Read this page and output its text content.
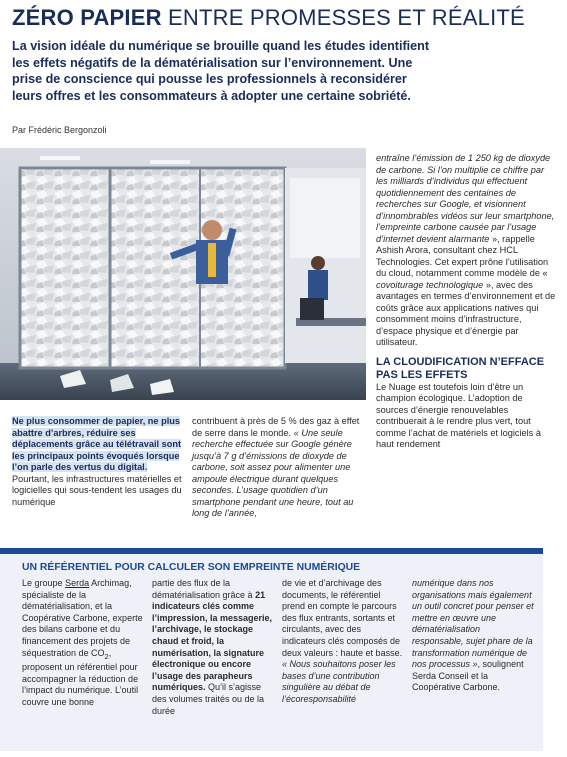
ZÉRO PAPIER ENTRE PROMESSES ET RÉALITÉ

La vision idéale du numérique se brouille quand les études identifient les effets négatifs de la dématérialisation sur l’environnement. Une prise de conscience qui pousse les professionnels à reconsidérer leurs offres et les consommateurs à adopter une certaine sobriété.

Par Frédéric Bergonzoli

entraîne l’émission de 1 250 kg de dioxyde de carbone. Si l’on multiplie ce chiffre par les milliards d’individus qui effectuent quotidiennement des centaines de recherches sur Google, et visionnent d’innombrables vidéos sur leur smartphone, l’empreinte carbone causée par l’usage d’internet devient alarmante », rappelle Ashish Arora, consultant chez HCL Technologies. Cet expert prône l’utilisation du cloud, notamment comme modèle de « covoiturage technologique », avec des avantages en termes d’environnement et de coûts grâce aux applications natives qui consomment moins d’infrastructure, d’espace physique et d’énergie par utilisateur.

LA CLOUDIFICATION N’EFFACE PAS LES EFFETS

Le Nuage est toutefois loin d’être un champion écologique. L’adoption de sources d’énergie renouvelables contribuerait à le rendre plus vert, tout comme l’achat de matériels et logiciels à haut rendement

Ne plus consommer de papier, ne plus abattre d’arbres, réduire ses déplacements grâce au télétravail sont les principaux points évoqués lorsque l’on parle des vertus du digital. Pourtant, les infrastructures matérielles et logicielles qui sous-tendent les usages du numérique

contribuent à près de 5 % des gaz à effet de serre dans le monde. « Une seule recherche effectuée sur Google génère jusqu’à 7 g d’émissions de dioxyde de carbone, soit assez pour alimenter une ampoule électrique durant quelques secondes. L’usage quotidien d’un smartphone pendant une heure, tout au long de l’année,

UN RÉFÉRENTIEL POUR CALCULER SON EMPREINTE NUMÉRIQUE

Le groupe Serda Archimag, spécialiste de la dématérialisation, et la Coopérative Carbone, experte des bilans carbone et du financement des projets de séquestration de $CO_2$, proposent un référentiel pour accompagner la réduction de l’impact du numérique. L’outil couvre une bonne

partie des flux de la dématérialisation grâce à 21 indicateurs clés comme l’impression, la messagerie, l’archivage, le stockage chaud et froid, la numérisation, la signature électronique ou encore l’usage des parapheurs numériques. Qu’il s’agisse des volumes traités ou de la durée

de vie et d’archivage des documents, le référentiel prend en compte le parcours des flux entrants, sortants et circulants, avec des indicateurs clés composés de deux valeurs : haute et basse. « Nous souhaitons poser les bases d’une contribution singulière au débat de l’écoresponsabilité

numérique dans nos organisations mais également un outil concret pour penser et mettre en œuvre une dématérialisation responsable, sujet phare de la transformation numérique de nos processus », soulignent Serda Conseil et la Coopérative Carbone.
